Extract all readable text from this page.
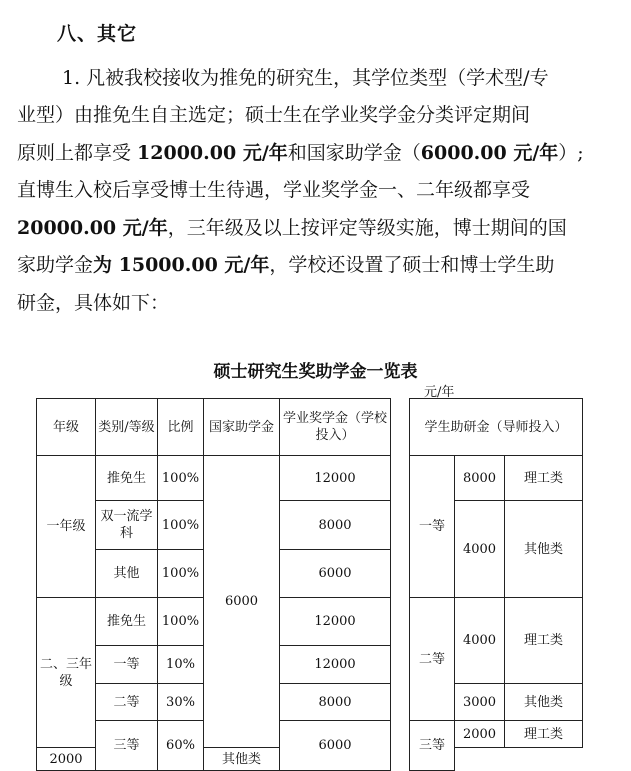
八、其它
1. 凡被我校接收为推免的研究生，其学位类型（学术型/专
业型）由推免生自主选定；硕士生在学业奖学金分类评定期间
原则上都享受 12000.00 元/年和国家助学金（6000.00 元/年）;
直博生入校后享受博士生待遇，学业奖学金一、二年级都享受
20000.00 元/年，三年级及以上按评定等级实施，博士期间的国
家助学金为 15000.00 元/年，学校还设置了硕士和博士学生助
研金，具体如下：
硕士研究生奖助学金一览表
元/年
年级	类别/等级	比例	国家助学金	学业奖学金（学校投入）		学生助研金（导师投入）		
一年级	推免生	100%	6000	12000		一等	8000	理工类
	双一流学科	100%		8000			4000	其他类
	其他	100%		6000				
二、三年级	推免生	100%		12000		二等	4000	理工类
	一等	10%		12000				
	二等	30%		8000			3000	其他类
	三等	60%		6000		三等	2000	理工类
2000			其他类					
